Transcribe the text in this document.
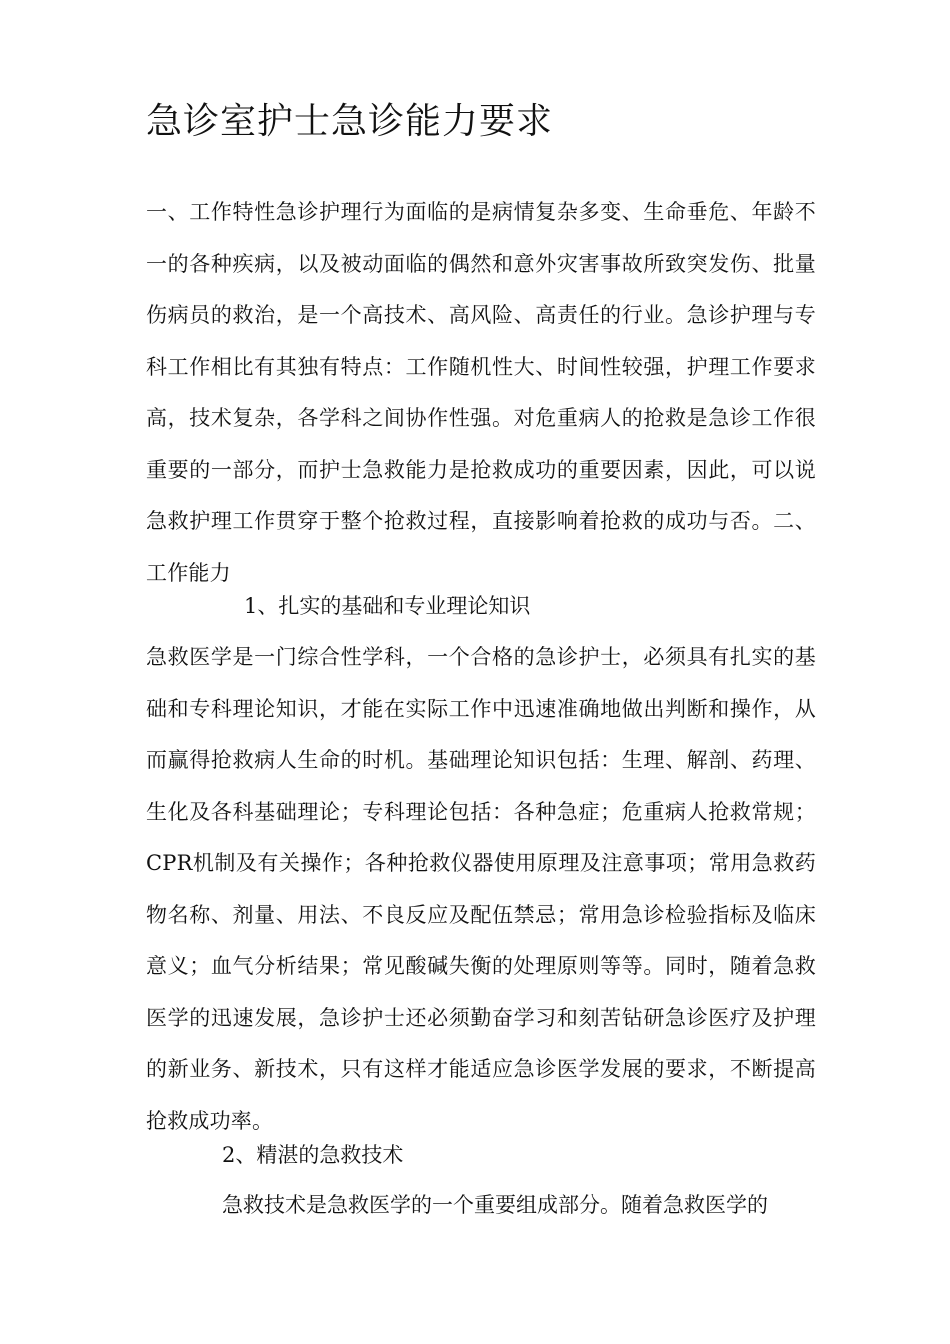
急诊室护士急诊能力要求

一、工作特性急诊护理行为面临的是病情复杂多变、生命垂危、年龄不一的各种疾病，以及被动面临的偶然和意外灾害事故所致突发伤、批量伤病员的救治，是一个高技术、高风险、高责任的行业。急诊护理与专科工作相比有其独有特点：工作随机性大、时间性较强，护理工作要求高，技术复杂，各学科之间协作性强。对危重病人的抢救是急诊工作很重要的一部分，而护士急救能力是抢救成功的重要因素，因此，可以说急救护理工作贯穿于整个抢救过程，直接影响着抢救的成功与否。二、工作能力

1、扎实的基础和专业理论知识

急救医学是一门综合性学科，一个合格的急诊护士，必须具有扎实的基础和专科理论知识，才能在实际工作中迅速准确地做出判断和操作，从而赢得抢救病人生命的时机。基础理论知识包括：生理、解剖、药理、生化及各科基础理论；专科理论包括：各种急症；危重病人抢救常规；CPR机制及有关操作；各种抢救仪器使用原理及注意事项；常用急救药物名称、剂量、用法、不良反应及配伍禁忌；常用急诊检验指标及临床意义；血气分析结果；常见酸碱失衡的处理原则等等。同时，随着急救医学的迅速发展，急诊护士还必须勤奋学习和刻苦钻研急诊医疗及护理的新业务、新技术，只有这样才能适应急诊医学发展的要求，不断提高抢救成功率。

2、精湛的急救技术

急救技术是急救医学的一个重要组成部分。随着急救医学的
